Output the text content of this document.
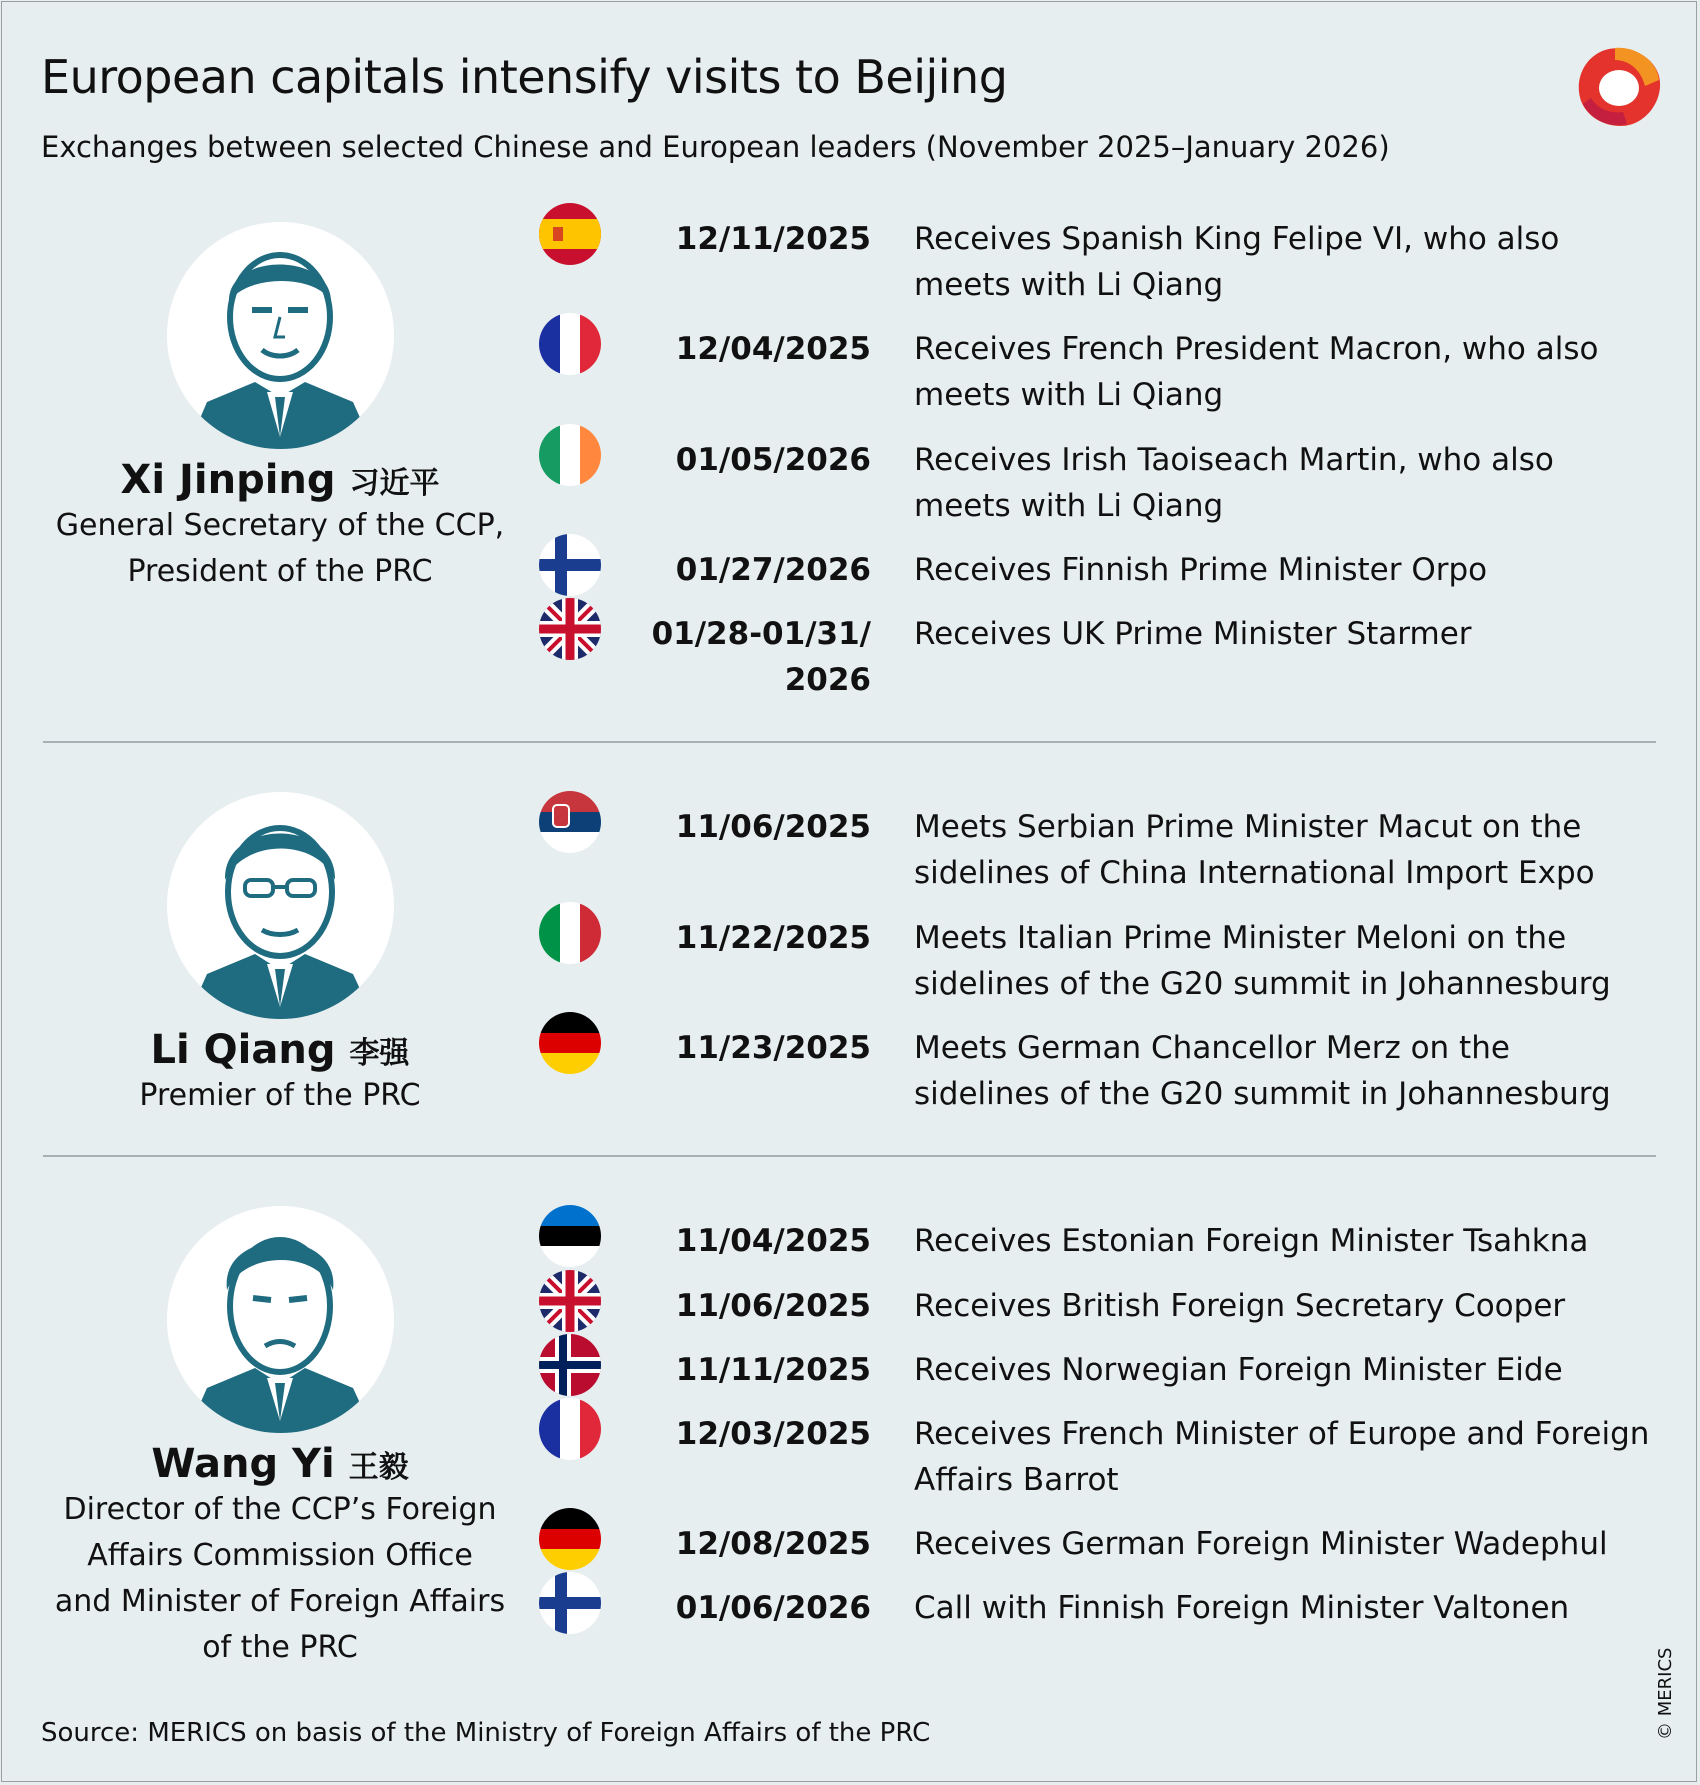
European capitals intensify visits to Beijing
Exchanges between selected Chinese and European leaders (November 2025–January 2026)
Xi Jinping 习近平
General Secretary of the CCP,
President of the PRC
12/11/2025 Receives Spanish King Felipe VI, who also meets with Li Qiang
12/04/2025 Receives French President Macron, who also meets with Li Qiang
01/05/2026 Receives Irish Taoiseach Martin, who also meets with Li Qiang
01/27/2026 Receives Finnish Prime Minister Orpo
01/28-01/31/ 2026
Receives UK Prime Minister Starmer
Li Qiang 李强
Premier of the PRC
11/06/2025 Meets Serbian Prime Minister Macut on the sidelines of China International Import Expo
11/22/2025 Meets Italian Prime Minister Meloni on the sidelines of the G20 summit in Johannesburg
11/23/2025 Meets German Chancellor Merz on the sidelines of the G20 summit in Johannesburg
Wang Yi 王毅
Director of the CCP’s Foreign
Affairs Commission Office
and Minister of Foreign Affairs
of the PRC
11/04/2025 Receives Estonian Foreign Minister Tsahkna
11/06/2025 Receives British Foreign Secretary Cooper
11/11/2025 Receives Norwegian Foreign Minister Eide
12/03/2025 Receives French Minister of Europe and Foreign Affairs Barrot
12/08/2025 Receives German Foreign Minister Wadephul
01/06/2026 Call with Finnish Foreign Minister Valtonen
Source: MERICS on basis of the Ministry of Foreign Affairs of the PRC	© MERICS
